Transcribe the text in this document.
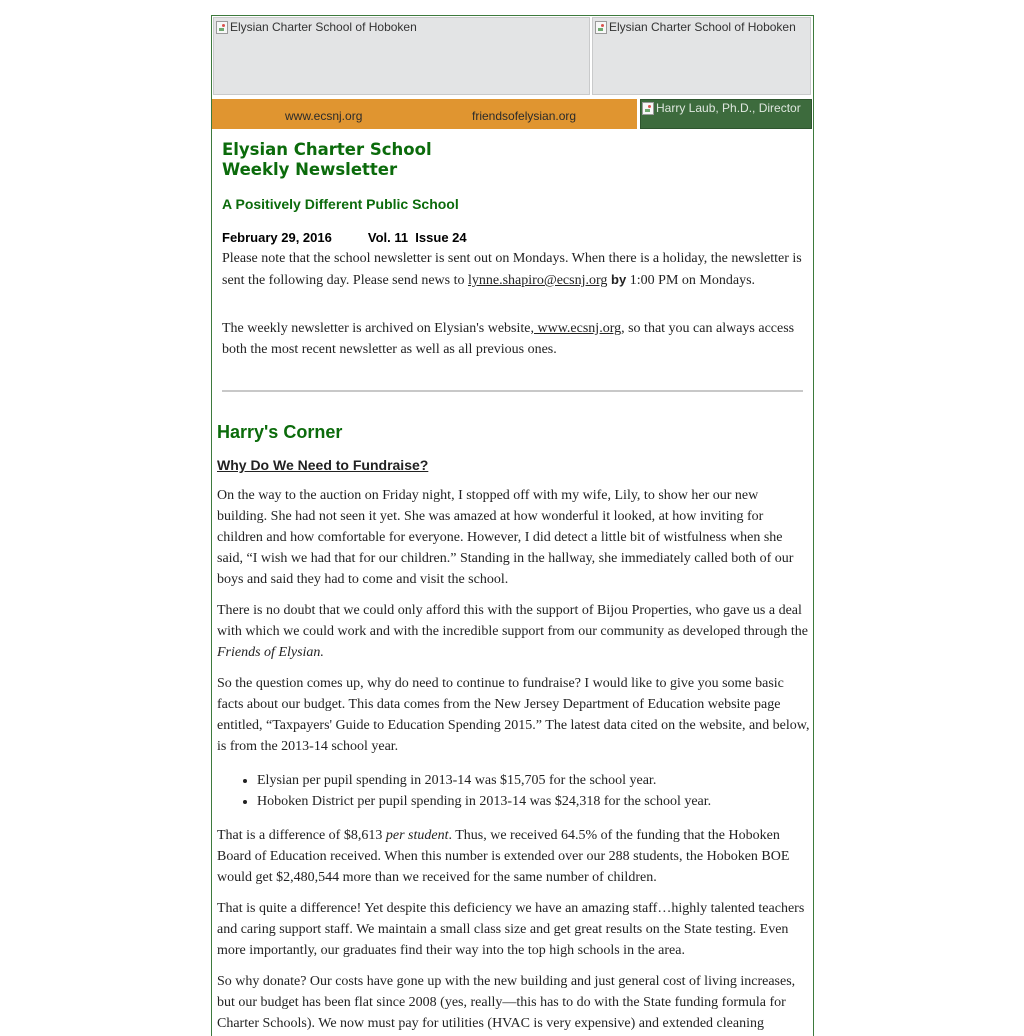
Elysian Charter School of Hoboken	Elysian Charter School of Hoboken
www.ecsnj.org	friendsofelysian.org
Harry Laub, Ph.D., Director
Elysian Charter School
Weekly Newsletter
A Positively Different Public School
February 29, 2016	Vol. 11  Issue 24

Please note that the school newsletter is sent out on Mondays. When there is a holiday, the newsletter is sent the following day. Please send news to lynne.shapiro@ecsnj.org by 1:00 PM on Mondays.

The weekly newsletter is archived on Elysian's website, www.ecsnj.org, so that you can always access both the most recent newsletter as well as all previous ones.

Harry's Corner
Why Do We Need to Fundraise?

On the way to the auction on Friday night, I stopped off with my wife, Lily, to show her our new building. She had not seen it yet. She was amazed at how wonderful it looked, at how inviting for children and how comfortable for everyone. However, I did detect a little bit of wistfulness when she said, “I wish we had that for our children.” Standing in the hallway, she immediately called both of our boys and said they had to come and visit the school.

There is no doubt that we could only afford this with the support of Bijou Properties, who gave us a deal with which we could work and with the incredible support from our community as developed through the Friends of Elysian.

So the question comes up, why do need to continue to fundraise? I would like to give you some basic facts about our budget. This data comes from the New Jersey Department of Education website page entitled, “Taxpayers' Guide to Education Spending 2015.” The latest data cited on the website, and below, is from the 2013-14 school year.

• Elysian per pupil spending in 2013-14 was $15,705 for the school year.
• Hoboken District per pupil spending in 2013-14 was $24,318 for the school year.

That is a difference of $8,613 per student. Thus, we received 64.5% of the funding that the Hoboken Board of Education received. When this number is extended over our 288 students, the Hoboken BOE would get $2,480,544 more than we received for the same number of children.

That is quite a difference! Yet despite this deficiency we have an amazing staff…highly talented teachers and caring support staff. We maintain a small class size and get great results on the State testing. Even more importantly, our graduates find their way into the top high schools in the area.

So why donate? Our costs have gone up with the new building and just general cost of living increases, but our budget has been flat since 2008 (yes, really—this has to do with the State funding formula for Charter Schools). We now must pay for utilities (HVAC is very expensive) and extended cleaning
